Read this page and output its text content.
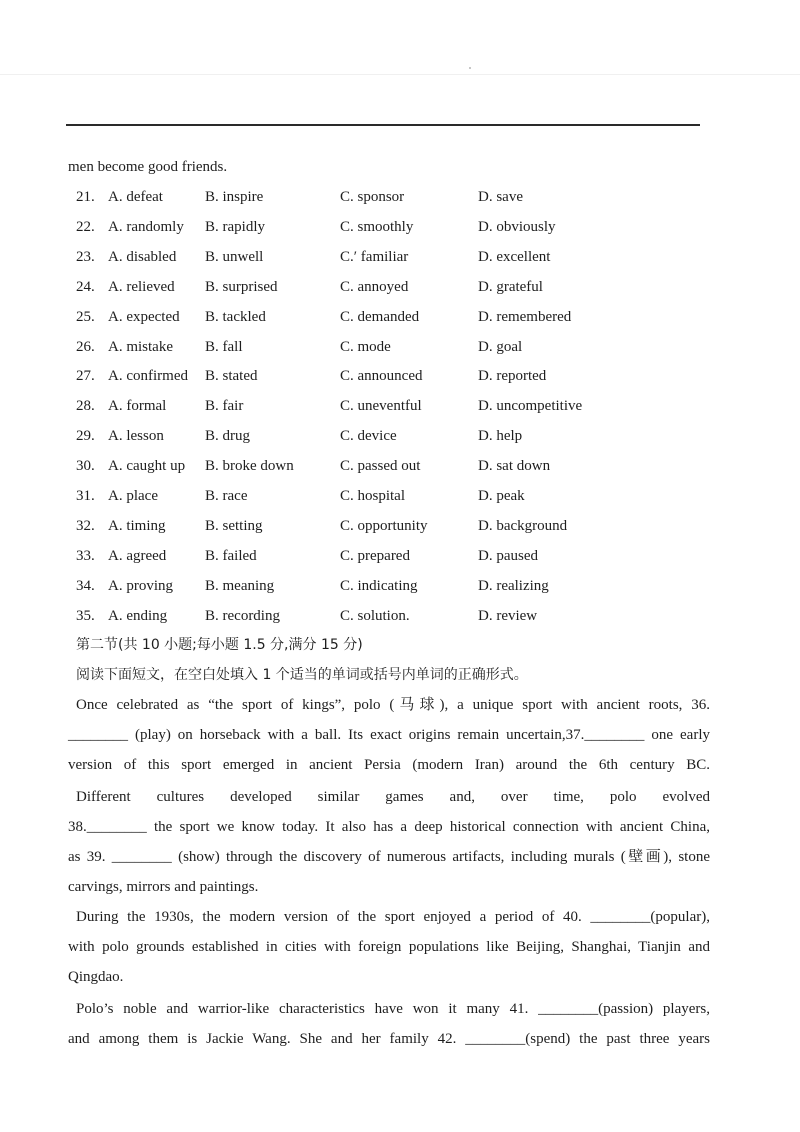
men become good friends.
21. A. defeat	B. inspire	C. sponsor	D. save
22. A. randomly B. rapidly	C. smoothly	D. obviously
23. A. disabled B. unwell	C.′ familiar	D. excellent
24. A. relieved B. surprised	C. annoyed	D. grateful
25. A. expected B. tackled	C. demanded	D. remembered
26. A. mistake B. fall	C. mode	D. goal
27. A. confirmed B. stated	C. announced	D. reported
28. A. formal	B. fair	C. uneventful	D. uncompetitive
29. A. lesson	B. drug	C. device	D. help
30. A. caught up B. broke down	C. passed out	D. sat down
31. A. place	B. race	C. hospital	D. peak
32. A. timing	B. setting	C. opportunity	D. background
33. A. agreed	B. failed	C. prepared	D. paused
34. A. proving B. meaning	C. indicating	D. realizing
35. A. ending	B. recording	C. solution.	D. review
第二节(共 10 小题;每小题 1.5 分,满分 15 分)
阅读下面短文，在空白处填入 1 个适当的单词或括号内单词的正确形式。
Once celebrated as “the sport of kings”, polo (马球), a unique sport with ancient roots, 36.
________ (play) on horseback with a ball. Its exact origins remain uncertain,37.________ one early
version of this sport emerged in ancient Persia (modern Iran) around the 6th century BC.
Different cultures developed similar games and, over time, polo evolved
38.________ the sport we know today. It also has a deep historical connection with ancient China,
as 39. ________ (show) through the discovery of numerous artifacts, including murals (壁画), stone
carvings, mirrors and paintings.
During the 1930s, the modern version of the sport enjoyed a period of 40. ________(popular),
with polo grounds established in cities with foreign populations like Beijing, Shanghai, Tianjin and
Qingdao.
Polo’s noble and warrior-like characteristics have won it many 41. ________(passion) players,
and among them is Jackie Wang. She and her family 42. ________(spend) the past three years
